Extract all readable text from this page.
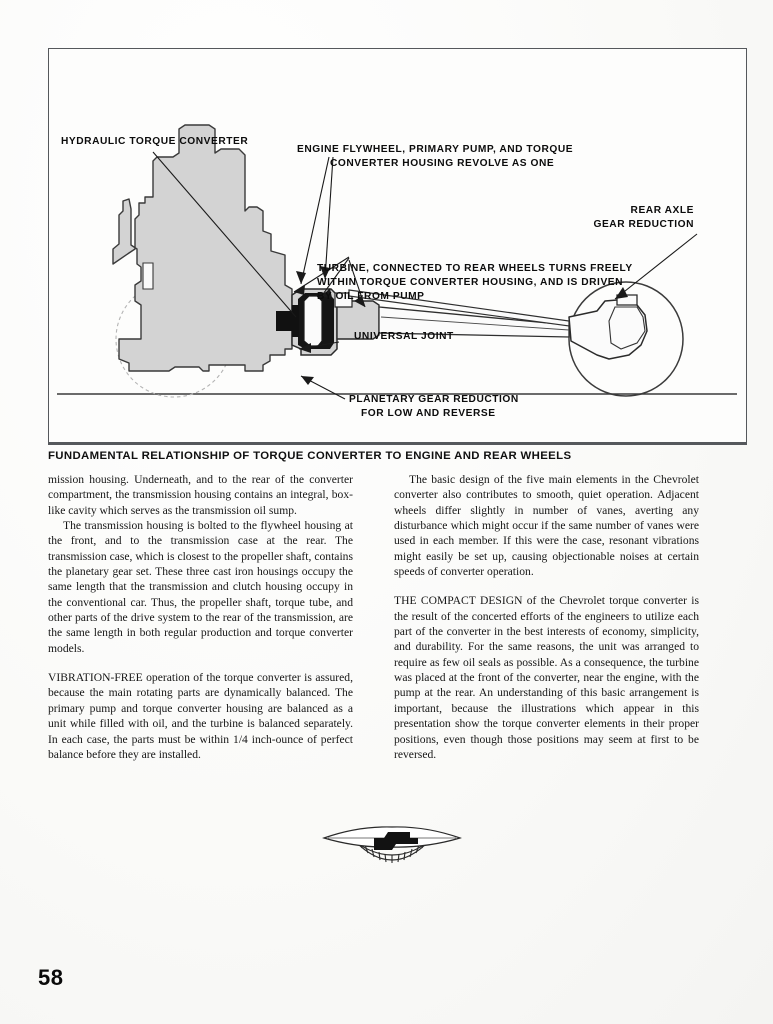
HYDRAULIC TORQUE CONVERTER
ENGINE FLYWHEEL, PRIMARY PUMP, AND TORQUE
CONVERTER HOUSING REVOLVE AS ONE
REAR AXLE
GEAR REDUCTION
TURBINE, CONNECTED TO REAR WHEELS TURNS FREELY
WITHIN TORQUE CONVERTER HOUSING, AND IS DRIVEN
BY OIL FROM PUMP
UNIVERSAL JOINT
PLANETARY GEAR REDUCTION
FOR LOW AND REVERSE
FUNDAMENTAL RELATIONSHIP OF TORQUE CONVERTER TO ENGINE AND REAR WHEELS

mission housing. Underneath, and to the rear of the converter compartment, the transmission housing contains an integral, box-like cavity which serves as the transmission oil sump.

The transmission housing is bolted to the flywheel housing at the front, and to the transmission case at the rear. The transmission case, which is closest to the propeller shaft, contains the planetary gear set. These three cast iron housings occupy the same length that the transmission and clutch housing occupy in the conventional car. Thus, the propeller shaft, torque tube, and other parts of the drive system to the rear of the transmission, are the same length in both regular production and torque converter models.

VIBRATION-FREE operation of the torque converter is assured, because the main rotating parts are dynamically balanced. The primary pump and torque converter housing are balanced as a unit while filled with oil, and the turbine is balanced separately. In each case, the parts must be within 1/4 inch-ounce of perfect balance before they are installed.

The basic design of the five main elements in the Chevrolet converter also contributes to smooth, quiet operation. Adjacent wheels differ slightly in number of vanes, averting any disturbance which might occur if the same number of vanes were used in each member. If this were the case, resonant vibrations might easily be set up, causing objectionable noises at certain speeds of converter operation.

THE COMPACT DESIGN of the Chevrolet torque converter is the result of the concerted efforts of the engineers to utilize each part of the converter in the best interests of economy, simplicity, and durability. For the same reasons, the unit was arranged to require as few oil seals as possible. As a consequence, the turbine was placed at the front of the converter, near the engine, with the pump at the rear. An understanding of this basic arrangement is important, because the illustrations which appear in this presentation show the torque converter elements in their proper positions, even though those positions may seem at first to be reversed.

58
